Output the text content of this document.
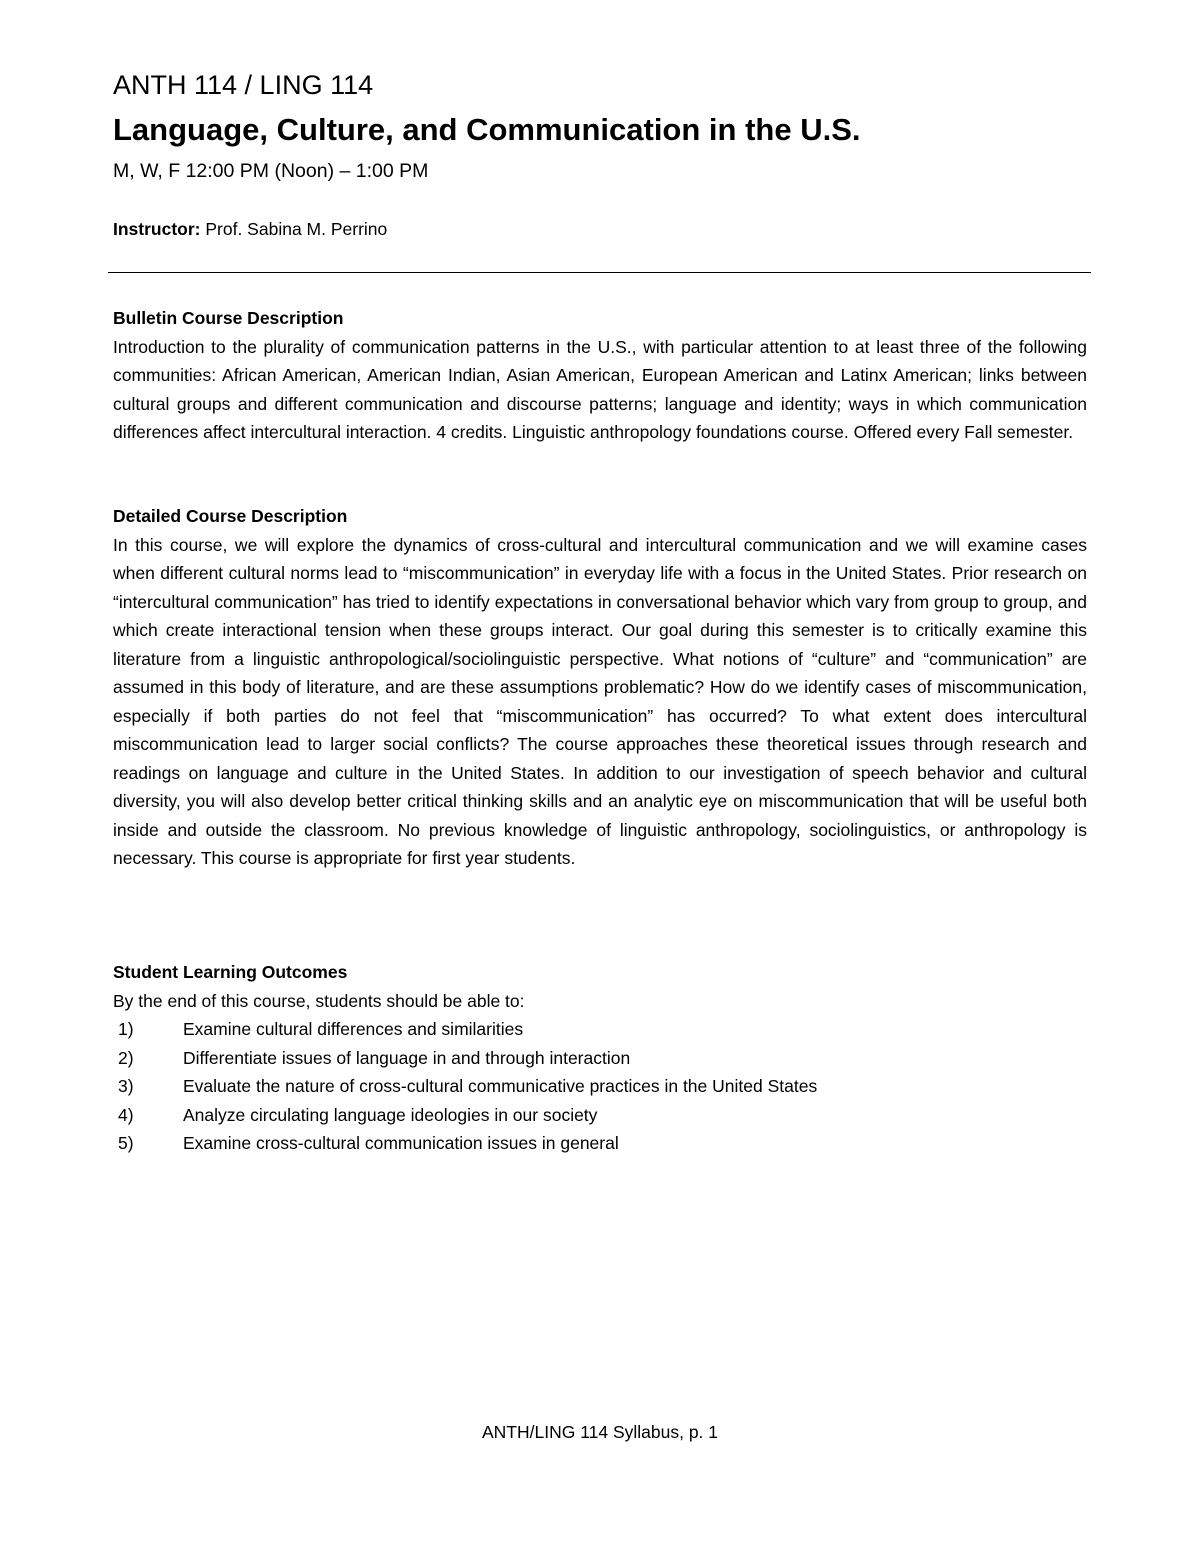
ANTH 114 / LING 114
Language, Culture, and Communication in the U.S.
M, W, F 12:00 PM (Noon) – 1:00 PM
Instructor: Prof. Sabina M. Perrino
Bulletin Course Description

Introduction to the plurality of communication patterns in the U.S., with particular attention to at least three of the following communities: African American, American Indian, Asian American, European American and Latinx American; links between cultural groups and different communication and discourse patterns; language and identity; ways in which communication differences affect intercultural interaction. 4 credits. Linguistic anthropology foundations course. Offered every Fall semester.

Detailed Course Description

In this course, we will explore the dynamics of cross-cultural and intercultural communication and we will examine cases when different cultural norms lead to “miscommunication” in everyday life with a focus in the United States. Prior research on “intercultural communication” has tried to identify expectations in conversational behavior which vary from group to group, and which create interactional tension when these groups interact. Our goal during this semester is to critically examine this literature from a linguistic anthropological/sociolinguistic perspective. What notions of “culture” and “communication” are assumed in this body of literature, and are these assumptions problematic? How do we identify cases of miscommunication, especially if both parties do not feel that “miscommunication” has occurred? To what extent does intercultural miscommunication lead to larger social conflicts? The course approaches these theoretical issues through research and readings on language and culture in the United States. In addition to our investigation of speech behavior and cultural diversity, you will also develop better critical thinking skills and an analytic eye on miscommunication that will be useful both inside and outside the classroom. No previous knowledge of linguistic anthropology, sociolinguistics, or anthropology is necessary. This course is appropriate for first year students.

Student Learning Outcomes
By the end of this course, students should be able to:
1)	Examine cultural differences and similarities
2)	Differentiate issues of language in and through interaction
3)	Evaluate the nature of cross-cultural communicative practices in the United States
4)	Analyze circulating language ideologies in our society
5)	Examine cross-cultural communication issues in general
ANTH/LING 114 Syllabus, p. 1
